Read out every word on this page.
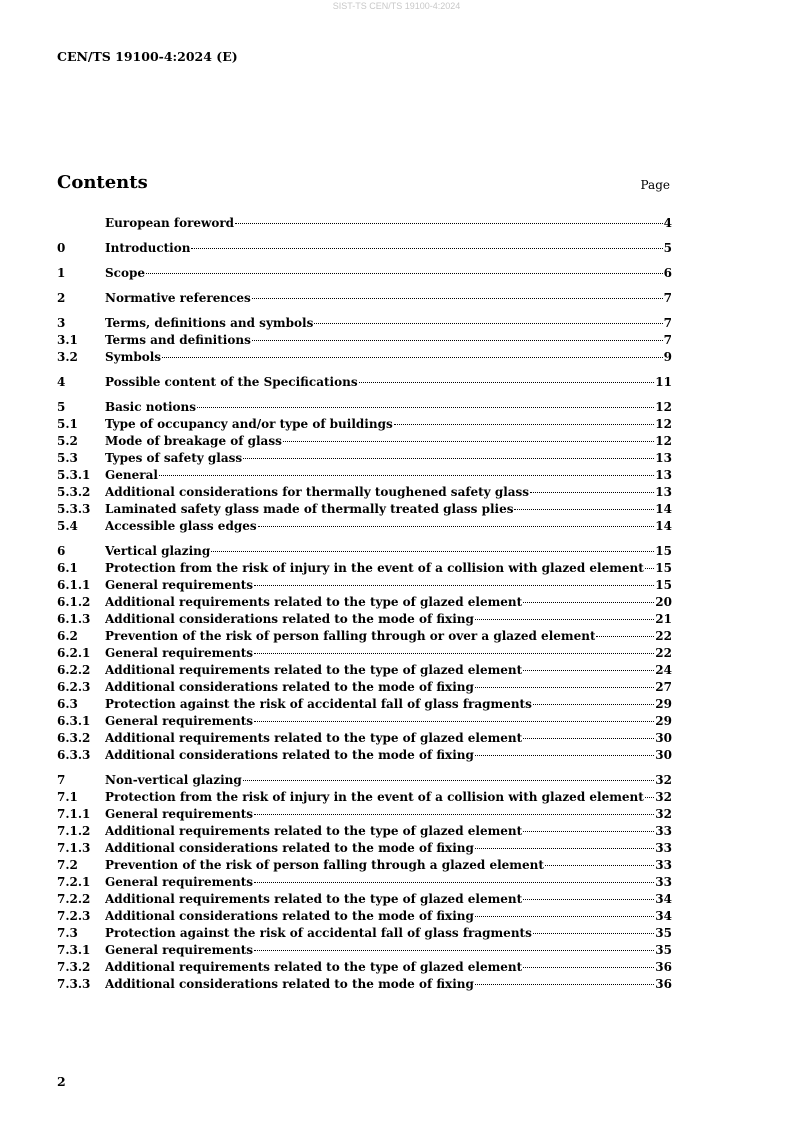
SIST-TS CEN/TS 19100-4:2024
CEN/TS 19100-4:2024 (E)
Contents	Page
European foreword	4
0	Introduction	5
1	Scope	6
2	Normative references	7
3	Terms, definitions and symbols	7
3.1	Terms and definitions	7
3.2	Symbols	9
4	Possible content of the Specifications	11
5	Basic notions	12
5.1	Type of occupancy and/or type of buildings	12
5.2	Mode of breakage of glass	12
5.3	Types of safety glass	13
5.3.1	General	13
5.3.2	Additional considerations for thermally toughened safety glass	13
5.3.3	Laminated safety glass made of thermally treated glass plies	14
5.4	Accessible glass edges	14
6	Vertical glazing	15
6.1	Protection from the risk of injury in the event of a collision with glazed element 15
6.1.1	General requirements	15
6.1.2	Additional requirements related to the type of glazed element	20
6.1.3	Additional considerations related to the mode of fixing	21
6.2	Prevention of the risk of person falling through or over a glazed element	22
6.2.1	General requirements	22
6.2.2	Additional requirements related to the type of glazed element	24
6.2.3	Additional considerations related to the mode of fixing	27
6.3	Protection against the risk of accidental fall of glass fragments	29
6.3.1	General requirements	29
6.3.2	Additional requirements related to the type of glazed element	30
6.3.3	Additional considerations related to the mode of fixing	30
7	Non-vertical glazing	32
7.1	Protection from the risk of injury in the event of a collision with glazed element 32
7.1.1	General requirements	32
7.1.2	Additional requirements related to the type of glazed element	33
7.1.3	Additional considerations related to the mode of fixing	33
7.2	Prevention of the risk of person falling through a glazed element	33
7.2.1	General requirements	33
7.2.2	Additional requirements related to the type of glazed element	34
7.2.3	Additional considerations related to the mode of fixing	34
7.3	Protection against the risk of accidental fall of glass fragments	35
7.3.1	General requirements	35
7.3.2	Additional requirements related to the type of glazed element	36
7.3.3	Additional considerations related to the mode of fixing	36
2
